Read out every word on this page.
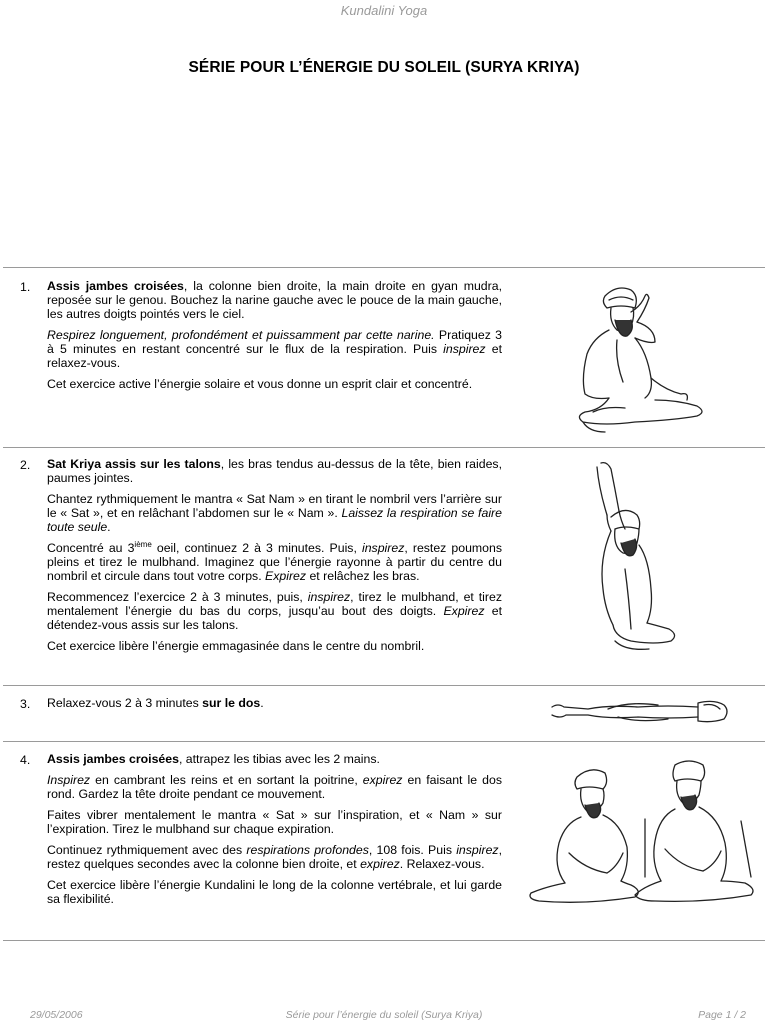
Kundalini Yoga
SÉRIE POUR L’ÉNERGIE DU SOLEIL (SURYA KRIYA)
1. Assis jambes croisées, la colonne bien droite, la main droite en gyan mudra, reposée sur le genou. Bouchez la narine gauche avec le pouce de la main gauche, les autres doigts pointés vers le ciel.

Respirez longuement, profondément et puissamment par cette narine. Pratiquez 3 à 5 minutes en restant concentré sur le flux de la respiration. Puis inspirez et relaxez-vous.

Cet exercice active l’énergie solaire et vous donne un esprit clair et concentré.

2. Sat Kriya assis sur les talons, les bras tendus au-dessus de la tête, bien raides, paumes jointes.

Chantez rythmiquement le mantra « Sat Nam » en tirant le nombril vers l’arrière sur le « Sat », et en relâchant l’abdomen sur le « Nam ». Laissez la respiration se faire toute seule.

Concentré au 3ième oeil, continuez 2 à 3 minutes. Puis, inspirez, restez poumons pleins et tirez le mulbhand. Imaginez que l’énergie rayonne à partir du centre du nombril et circule dans tout votre corps. Expirez et relâchez les bras.

Recommencez l’exercice 2 à 3 minutes, puis, inspirez, tirez le mulbhand, et tirez mentalement l’énergie du bas du corps, jusqu’au bout des doigts. Expirez et détendez-vous assis sur les talons.

Cet exercice libère l’énergie emmagasinée dans le centre du nombril.

3. Relaxez-vous 2 à 3 minutes sur le dos.

4. Assis jambes croisées, attrapez les tibias avec les 2 mains.

Inspirez en cambrant les reins et en sortant la poitrine, expirez en faisant le dos rond. Gardez la tête droite pendant ce mouvement.

Faites vibrer mentalement le mantra « Sat » sur l’inspiration, et « Nam » sur l’expiration. Tirez le mulbhand sur chaque expiration.

Continuez rythmiquement avec des respirations profondes, 108 fois. Puis inspirez, restez quelques secondes avec la colonne bien droite, et expirez. Relaxez-vous.

Cet exercice libère l’énergie Kundalini le long de la colonne vertébrale, et lui garde sa flexibilité.

29/05/2006	Série pour l’énergie du soleil (Surya Kriya)	Page 1 / 2
